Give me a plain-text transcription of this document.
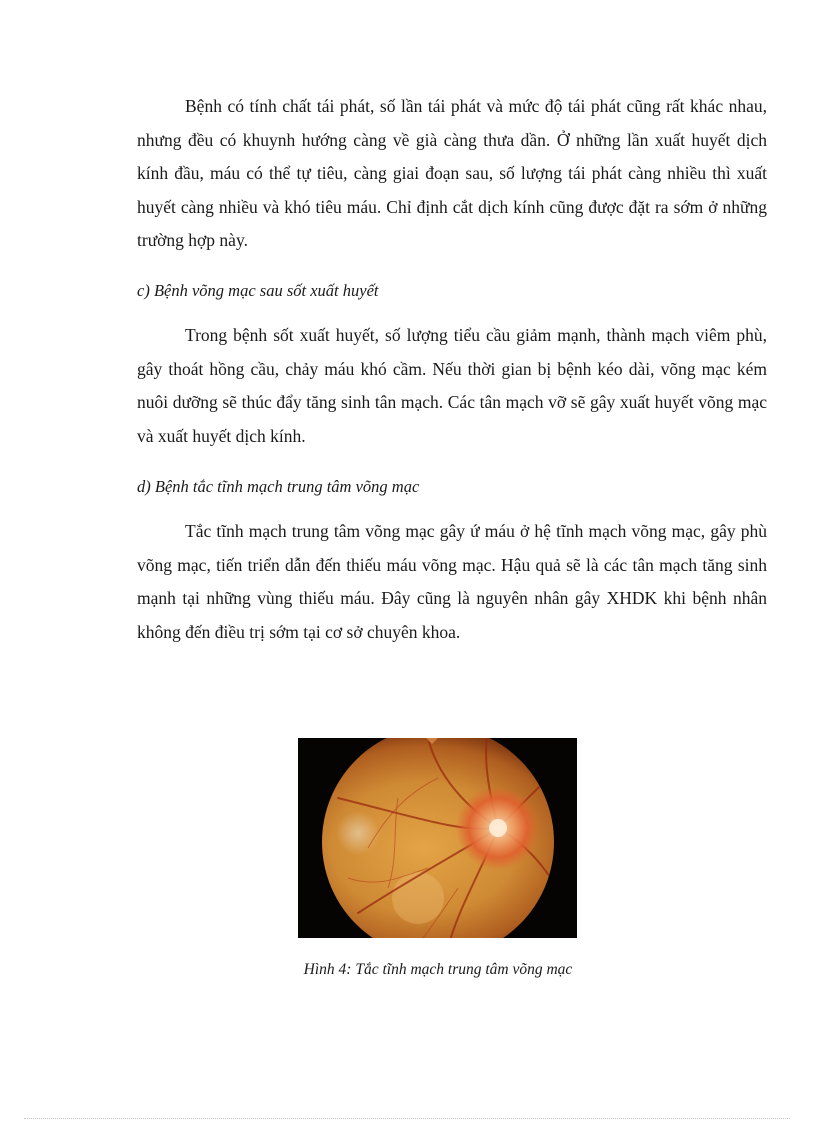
Bệnh có tính chất tái phát, số lần tái phát và mức độ tái phát cũng rất khác nhau, nhưng đều có khuynh hướng càng về già càng thưa dần. Ở những lần xuất huyết dịch kính đầu, máu có thể tự tiêu, càng giai đoạn sau, số lượng tái phát càng nhiều thì xuất huyết càng nhiều và khó tiêu máu. Chỉ định cắt dịch kính cũng được đặt ra sớm ở những trường hợp này.

c) Bệnh võng mạc sau sốt xuất huyết

Trong bệnh sốt xuất huyết, số lượng tiểu cầu giảm mạnh, thành mạch viêm phù, gây thoát hồng cầu, chảy máu khó cầm. Nếu thời gian bị bệnh kéo dài, võng mạc kém nuôi dưỡng sẽ thúc đẩy tăng sinh tân mạch. Các tân mạch vỡ sẽ gây xuất huyết võng mạc và xuất huyết dịch kính.

d) Bệnh tắc tĩnh mạch trung tâm võng mạc

Tắc tĩnh mạch trung tâm võng mạc gây ứ máu ở hệ tĩnh mạch võng mạc, gây phù võng mạc, tiến triển dẫn đến thiếu máu võng mạc. Hậu quả sẽ là các tân mạch tăng sinh mạnh tại những vùng thiếu máu. Đây cũng là nguyên nhân gây XHDK khi bệnh nhân không đến điều trị sớm tại cơ sở chuyên khoa.

Hình 4: Tắc tĩnh mạch trung tâm võng mạc
